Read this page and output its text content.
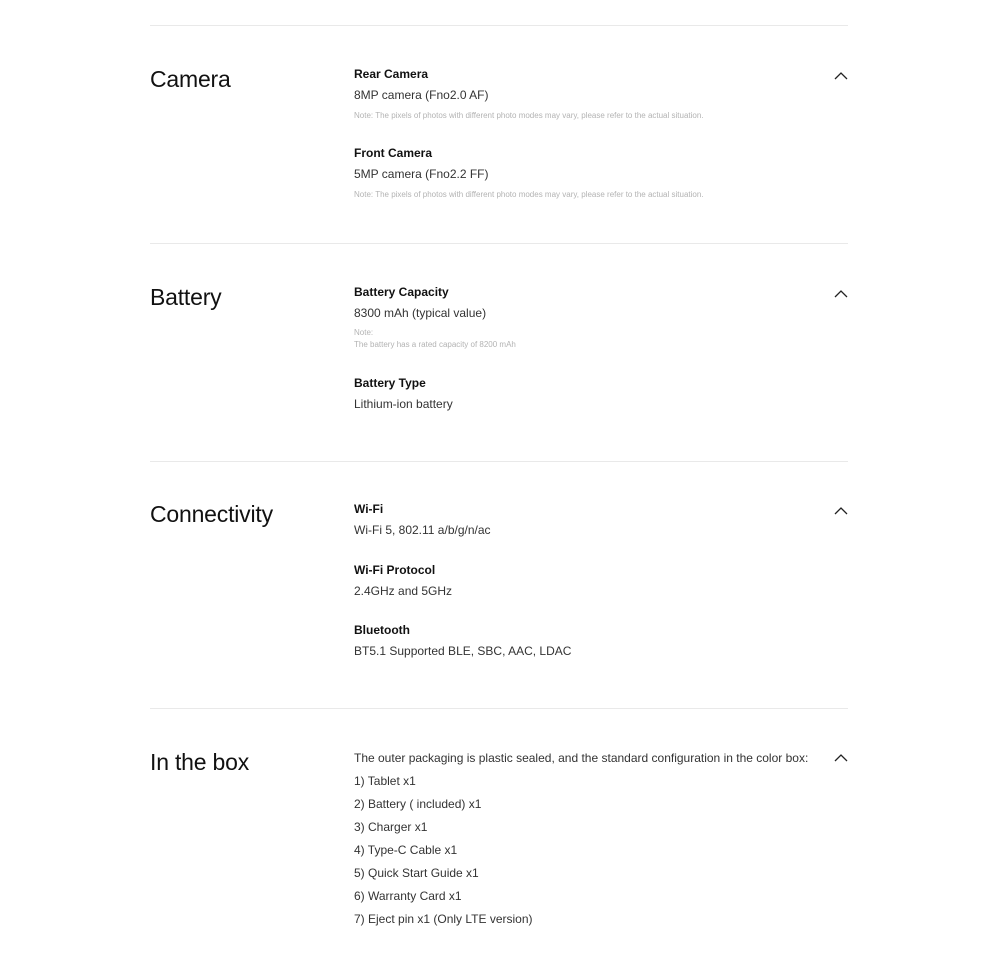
Camera	Rear Camera
8MP camera (Fno2.0 AF)
Note: The pixels of photos with different photo modes may vary, please refer to the actual situation.
Front Camera
5MP camera (Fno2.2 FF)
Note: The pixels of photos with different photo modes may vary, please refer to the actual situation.
Battery	Battery Capacity
8300 mAh (typical value)
Note:
The battery has a rated capacity of 8200 mAh
Battery Type
Lithium-ion battery
Connectivity	Wi-Fi
Wi-Fi 5, 802.11 a/b/g/n/ac
Wi-Fi Protocol
2.4GHz and 5GHz
Bluetooth
BT5.1 Supported BLE, SBC, AAC, LDAC
In the box	The outer packaging is plastic sealed, and the standard configuration in the color box:
1) Tablet x1
2) Battery ( included) x1
3) Charger x1
4) Type-C Cable x1
5) Quick Start Guide x1
6) Warranty Card x1
7) Eject pin x1 (Only LTE version)
